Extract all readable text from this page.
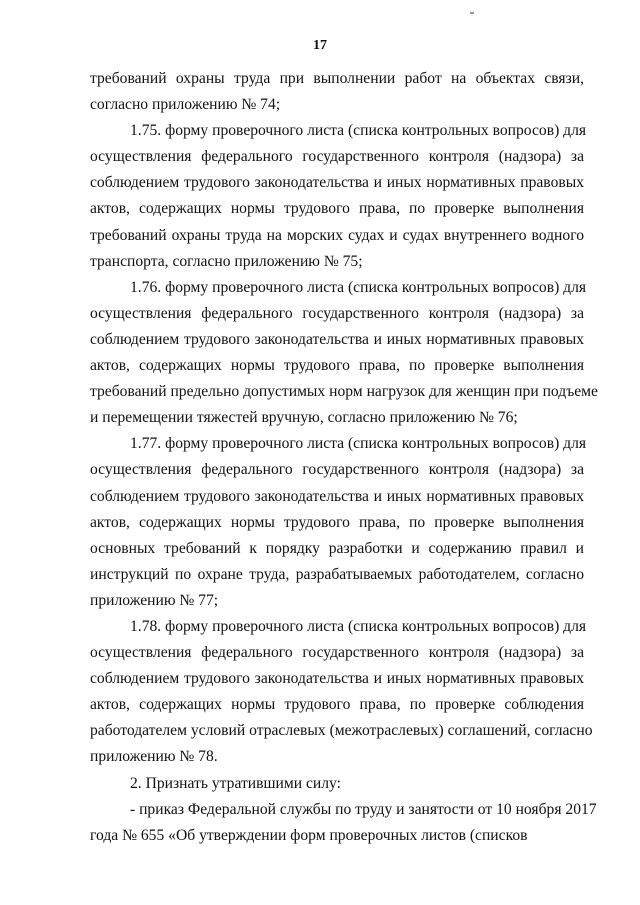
17
требований охраны труда при выполнении работ на объектах связи,
согласно приложению № 74;
1.75. форму проверочного листа (списка контрольных вопросов) для
осуществления федерального государственного контроля (надзора) за
соблюдением трудового законодательства и иных нормативных правовых
актов, содержащих нормы трудового права, по проверке выполнения
требований охраны труда на морских судах и судах внутреннего водного
транспорта, согласно приложению № 75;
1.76. форму проверочного листа (списка контрольных вопросов) для
осуществления федерального государственного контроля (надзора) за
соблюдением трудового законодательства и иных нормативных правовых
актов, содержащих нормы трудового права, по проверке выполнения
требований предельно допустимых норм нагрузок для женщин при подъеме
и перемещении тяжестей вручную, согласно приложению № 76;
1.77. форму проверочного листа (списка контрольных вопросов) для
осуществления федерального государственного контроля (надзора) за
соблюдением трудового законодательства и иных нормативных правовых
актов, содержащих нормы трудового права, по проверке выполнения
основных требований к порядку разработки и содержанию правил и
инструкций по охране труда, разрабатываемых работодателем, согласно
приложению № 77;
1.78. форму проверочного листа (списка контрольных вопросов) для
осуществления федерального государственного контроля (надзора) за
соблюдением трудового законодательства и иных нормативных правовых
актов, содержащих нормы трудового права, по проверке соблюдения
работодателем условий отраслевых (межотраслевых) соглашений, согласно
приложению № 78.
2. Признать утратившими силу:
- приказ Федеральной службы по труду и занятости от 10 ноября 2017
года № 655 «Об утверждении форм проверочных листов (списков
